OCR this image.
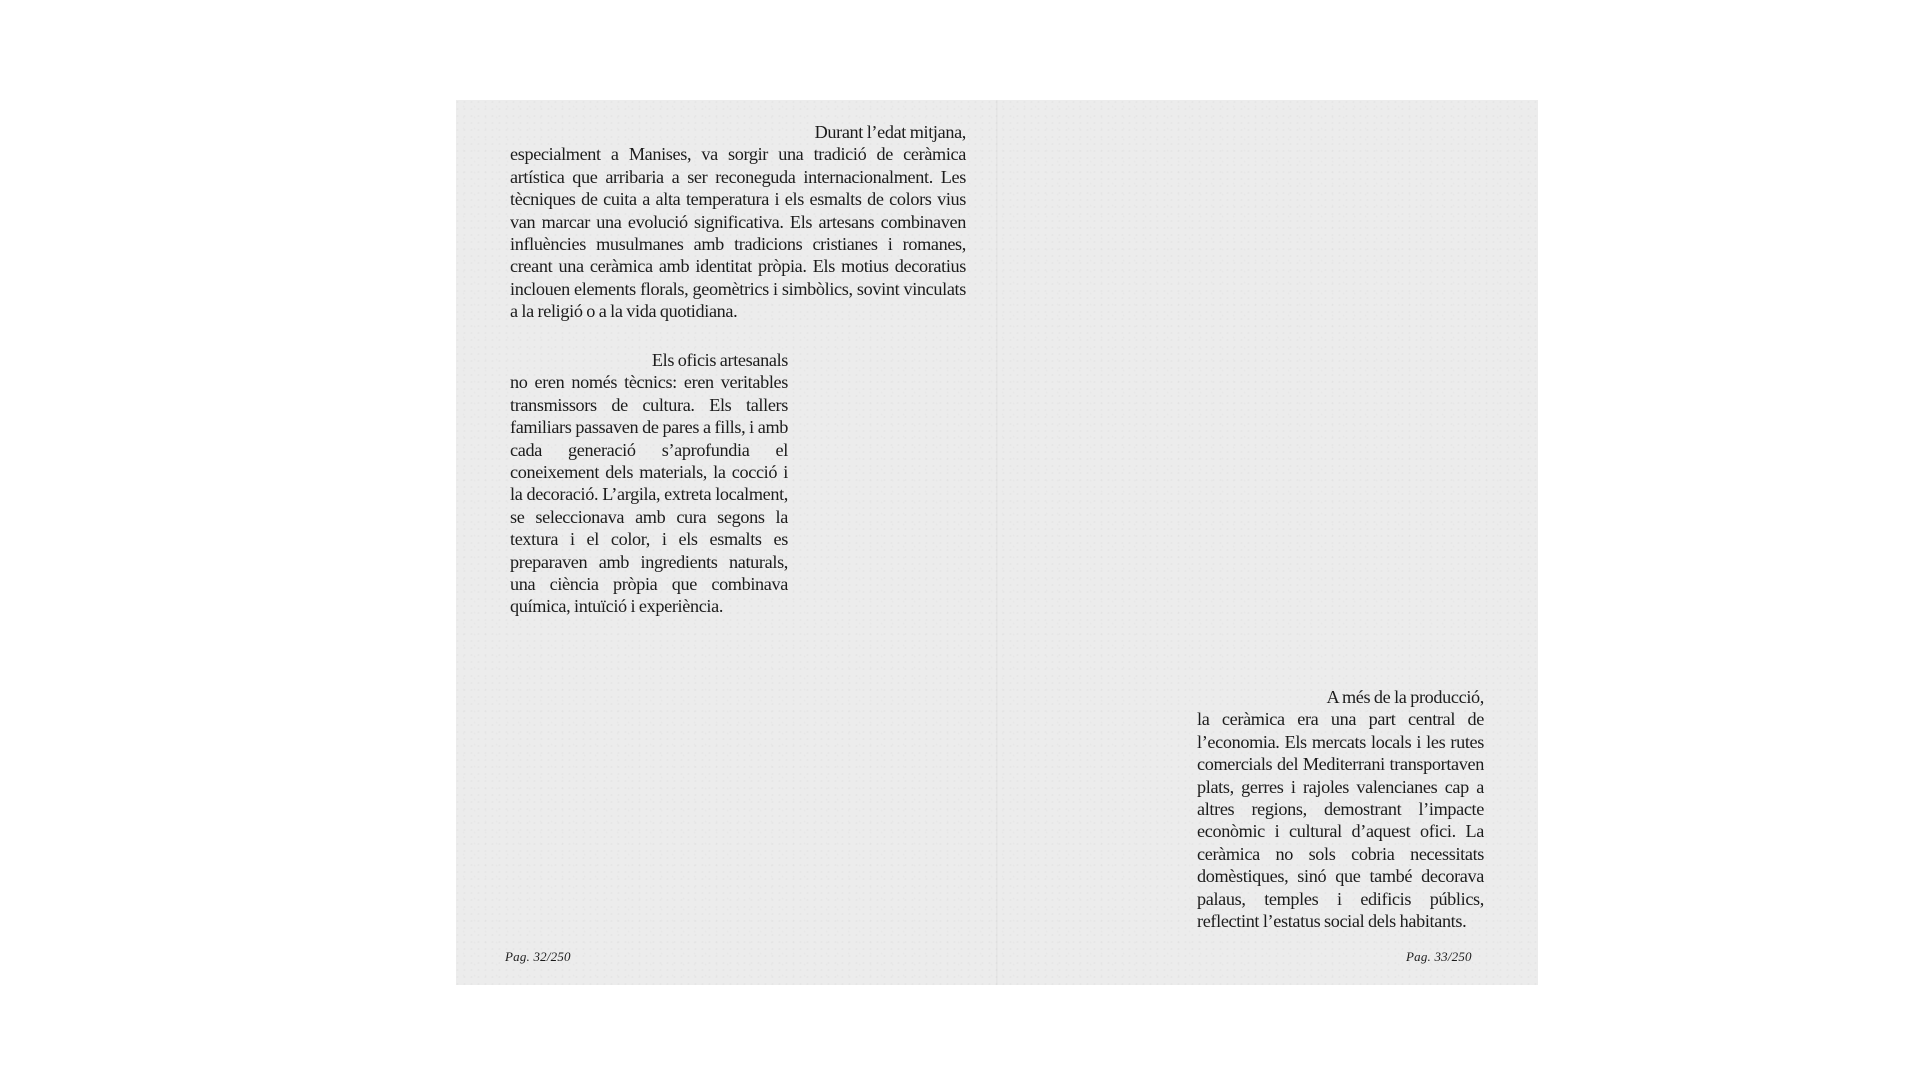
Durant l’edat mitjana,
especialment a Manises, va sorgir una tradició de ceràmica artística que arribaria a ser reconeguda internacionalment. Les tècniques de cuita a alta temperatura i els esmalts de colors vius van marcar una evolució significativa. Els artesans combinaven influències musulmanes amb tradicions cristianes i romanes, creant una ceràmica amb identitat pròpia. Els motius decoratius inclouen elements florals, geomètrics i simbòlics, sovint vinculats a la religió o a la vida quotidiana.

Els oficis artesanals
no eren només tècnics: eren veritables transmissors de cultura. Els tallers familiars passaven de pares a fills, i amb cada generació s’aprofundia el coneixement dels materials, la cocció i la decoració. L’argila, extreta localment, se seleccionava amb cura segons la textura i el color, i els esmalts es preparaven amb ingredients naturals, una ciència pròpia que combinava química, intuïció i experiència.

Pag. 32/250

A més de la producció,
la ceràmica era una part central de l’economia. Els mercats locals i les rutes comercials del Mediterrani transportaven plats, gerres i rajoles valencianes cap a altres regions, demostrant l’impacte econòmic i cultural d’aquest ofici. La ceràmica no sols cobria necessitats domèstiques, sinó que també decorava palaus, temples i edificis públics, reflectint l’estatus social dels habitants.

Pag. 33/250
